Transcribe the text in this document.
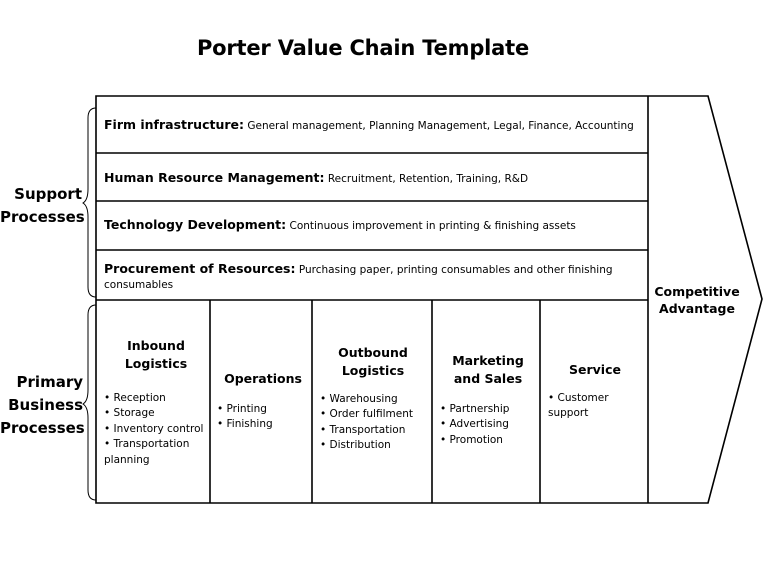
Porter Value Chain Template
Support Processes
Primary Business Processes
Firm infrastructure: General management, Planning Management, Legal, Finance, Accounting
Human Resource Management: Recruitment, Retention, Training, R&D
Technology Development: Continuous improvement in printing & finishing assets
Procurement of Resources: Purchasing paper, printing consumables and other finishing consumables
Inbound Logistics
• Reception
• Storage
• Inventory control
• Transportation planning
Operations
• Printing
• Finishing
Outbound Logistics
• Warehousing
• Order fulfilment
• Transportation
• Distribution
Marketing and Sales
• Partnership
• Advertising
• Promotion
Service
• Customer support
Competitive Advantage
